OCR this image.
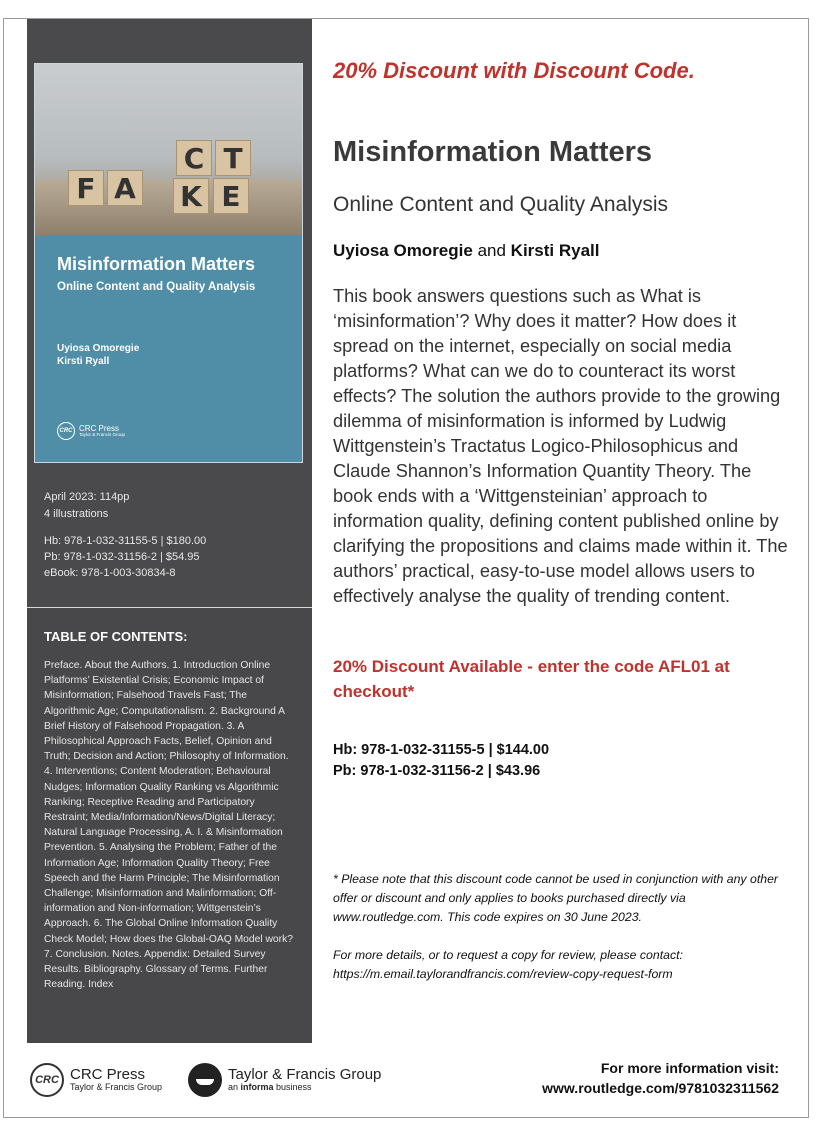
C T
F A K E
Misinformation Matters
Online Content and Quality Analysis
Uyiosa Omoregie
Kirsti Ryall
CRC CRC Press
Taylor & Francis Group
April 2023: 114pp
4 illustrations
Hb: 978-1-032-31155-5 | $180.00
Pb: 978-1-032-31156-2 | $54.95
eBook: 978-1-003-30834-8
TABLE OF CONTENTS:
Preface. About the Authors. 1. Introduction Online Platforms’ Existential Crisis; Economic Impact of Misinformation; Falsehood Travels Fast; The Algorithmic Age; Computationalism. 2. Background A Brief History of Falsehood Propagation. 3. A Philosophical Approach Facts, Belief, Opinion and Truth; Decision and Action; Philosophy of Information. 4. Interventions; Content Moderation; Behavioural Nudges; Information Quality Ranking vs Algorithmic Ranking; Receptive Reading and Participatory Restraint; Media/Information/News/Digital Literacy; Natural Language Processing, A. I. & Misinformation Prevention. 5. Analysing the Problem; Father of the Information Age; Information Quality Theory; Free Speech and the Harm Principle; The Misinformation Challenge; Misinformation and Malinformation; Off-information and Non-information; Wittgenstein’s Approach. 6. The Global Online Information Quality Check Model; How does the Global-OAQ Model work? 7. Conclusion. Notes. Appendix: Detailed Survey Results. Bibliography. Glossary of Terms. Further Reading. Index
20% Discount with Discount Code.
Misinformation Matters
Online Content and Quality Analysis
Uyiosa Omoregie and Kirsti Ryall
This book answers questions such as What is ‘misinformation’? Why does it matter? How does it spread on the internet, especially on social media platforms? What can we do to counteract its worst effects? The solution the authors provide to the growing dilemma of misinformation is informed by Ludwig Wittgenstein’s Tractatus Logico-Philosophicus and Claude Shannon’s Information Quantity Theory. The book ends with a ‘Wittgensteinian’ approach to information quality, defining content published online by clarifying the propositions and claims made within it. The authors’ practical, easy-to-use model allows users to effectively analyse the quality of trending content.
20% Discount Available - enter the code AFL01 at checkout*
Hb: 978-1-032-31155-5 | $144.00
Pb: 978-1-032-31156-2 | $43.96
* Please note that this discount code cannot be used in conjunction with any other offer or discount and only applies to books purchased directly via www.routledge.com. This code expires on 30 June 2023.
For more details, or to request a copy for review, please contact: https://m.email.taylorandfrancis.com/review-copy-request-form
CRC CRC Press
Taylor & Francis Group
Taylor & Francis Group
an informa business
For more information visit:
www.routledge.com/9781032311562
